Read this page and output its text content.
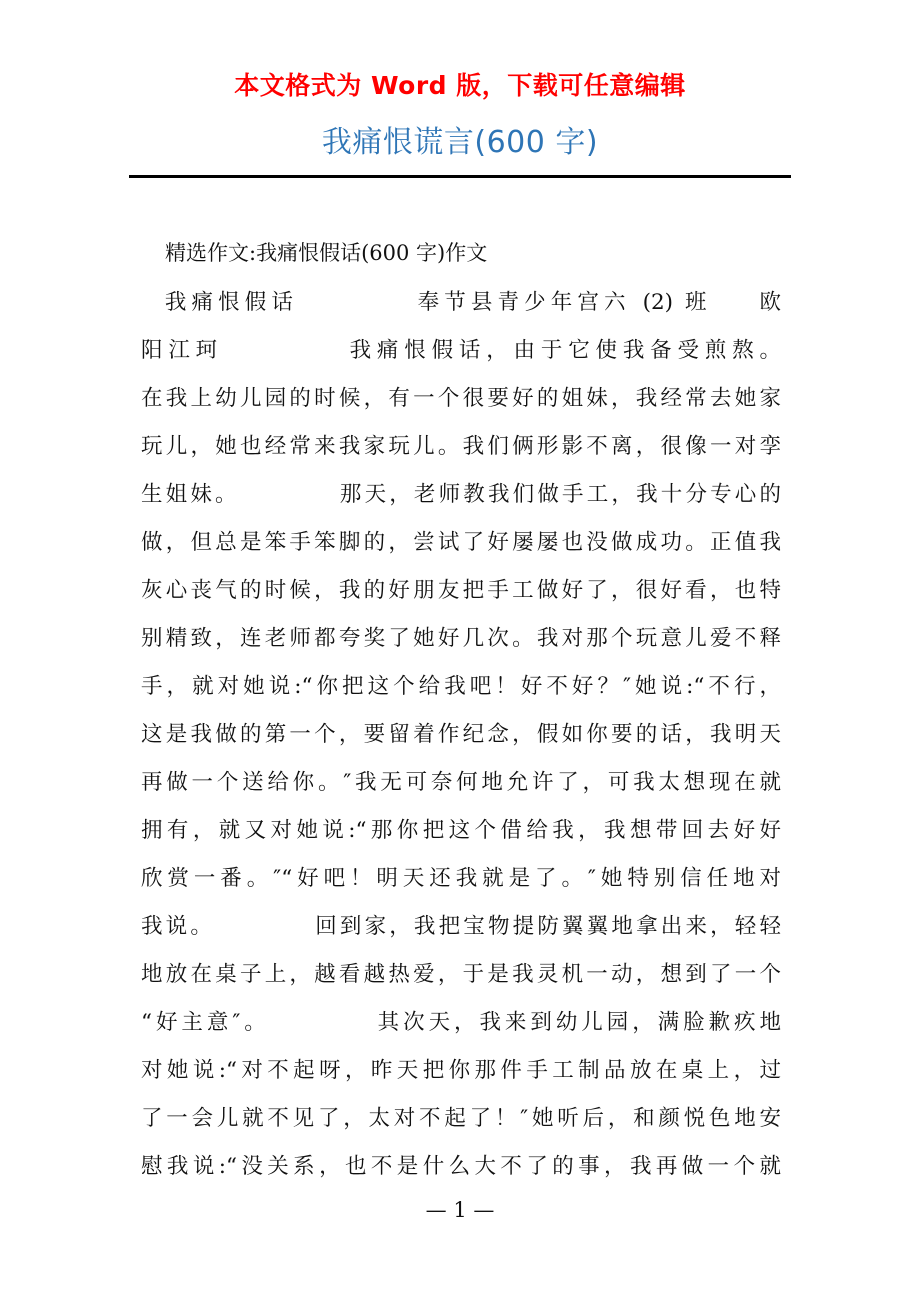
本文格式为 Word 版，下载可任意编辑
我痛恨谎言(600 字)
精选作文:我痛恨假话(600 字)作文
我痛恨假话          奉节县青少年宫六 (2) 班    欧
阳江珂          我痛恨假话，由于它使我备受煎熬。
在我上幼儿园的时候，有一个很要好的姐妹，我经常去她家
玩儿，她也经常来我家玩儿。我们俩形影不离，很像一对孪
生姐妹。          那天，老师教我们做手工，我十分专心的
做，但总是笨手笨脚的，尝试了好屡屡也没做成功。正值我
灰心丧气的时候，我的好朋友把手工做好了，很好看，也特
别精致，连老师都夸奖了她好几次。我对那个玩意儿爱不释
手，就对她说:“你把这个给我吧！好不好？″她说:“不行，
这是我做的第一个，要留着作纪念，假如你要的话，我明天
再做一个送给你。″我无可奈何地允许了，可我太想现在就
拥有，就又对她说:“那你把这个借给我，我想带回去好好
欣赏一番。″“好吧！明天还我就是了。″她特别信任地对
我说。          回到家，我把宝物提防翼翼地拿出来，轻轻
地放在桌子上，越看越热爱，于是我灵机一动，想到了一个
“好主意″。          其次天，我来到幼儿园，满脸歉疚地
对她说:“对不起呀，昨天把你那件手工制品放在桌上，过
了一会儿就不见了，太对不起了！″她听后，和颜悦色地安
慰我说:“没关系，也不是什么大不了的事，我再做一个就
— 1 —
